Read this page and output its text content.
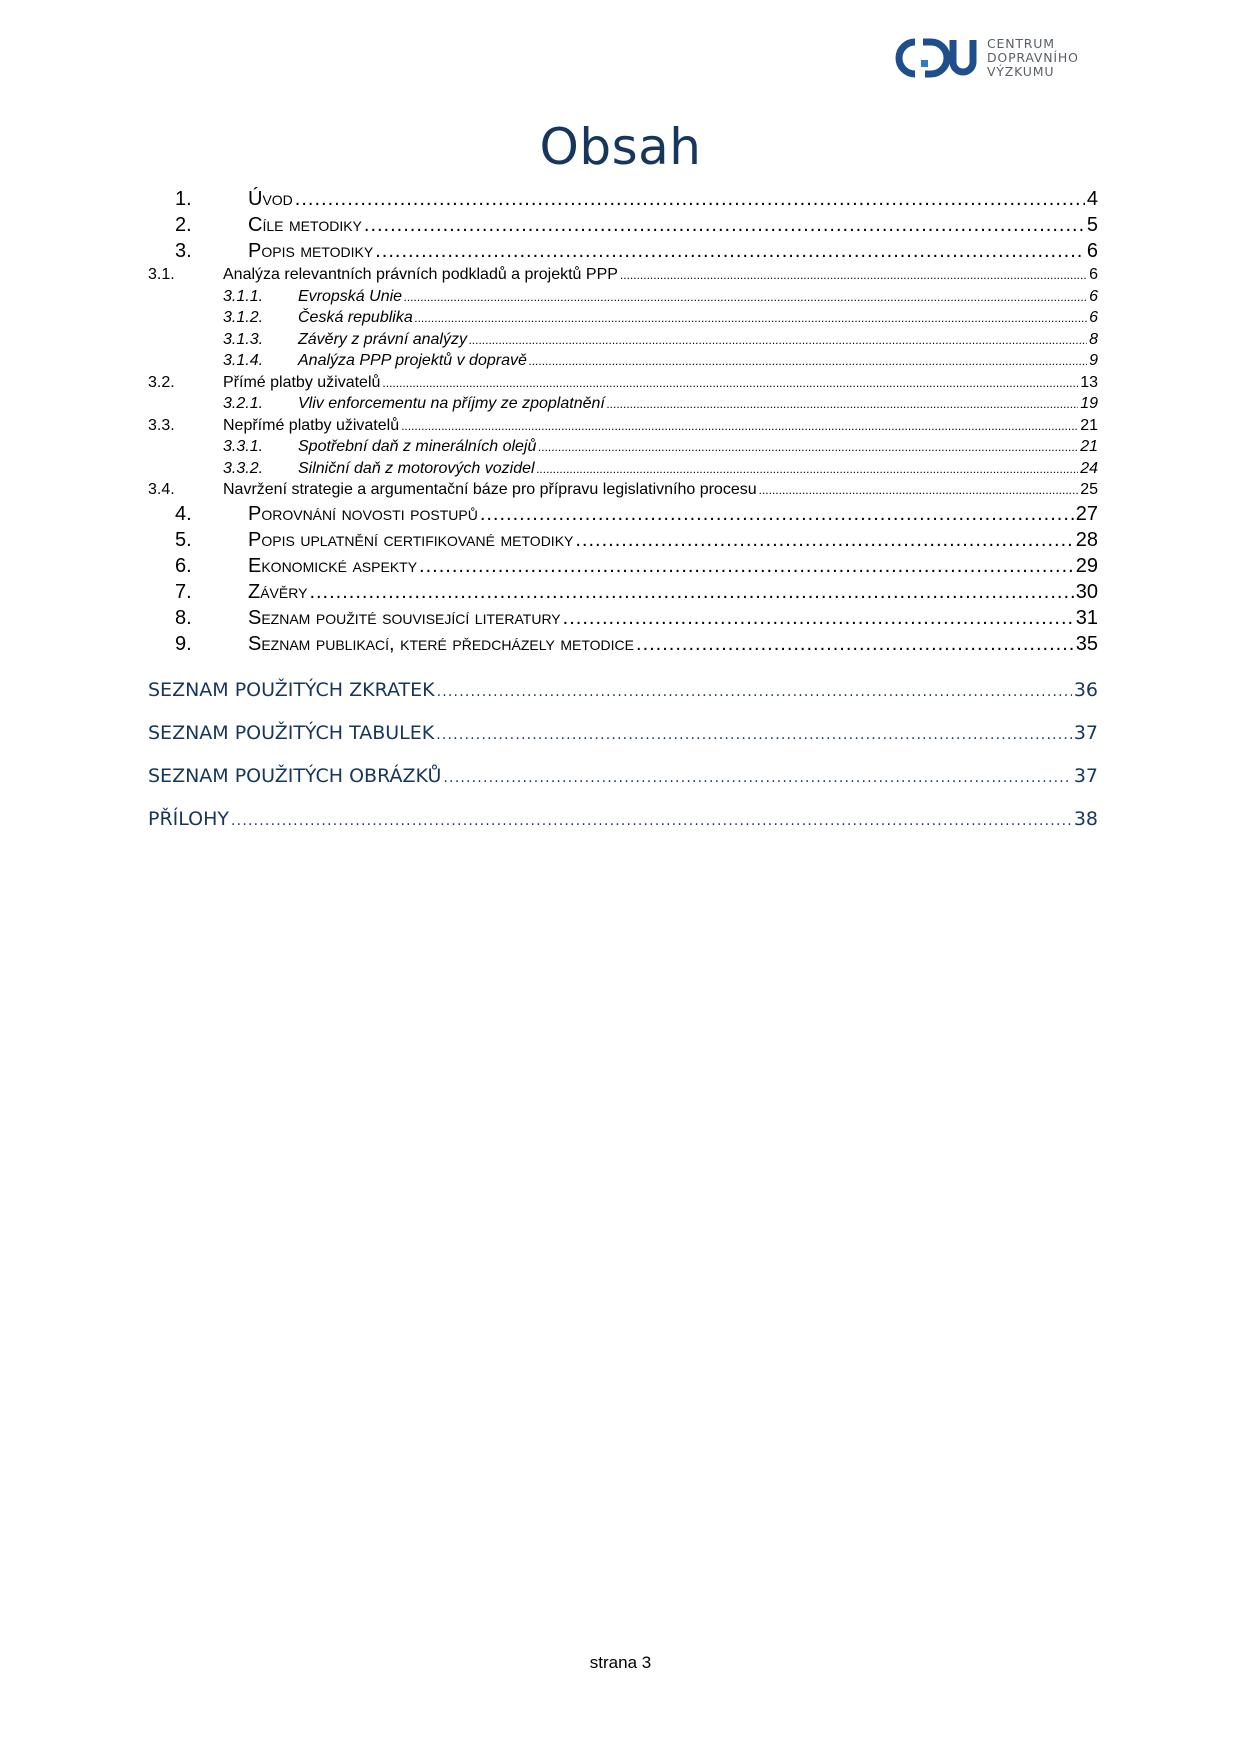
CENTRUM
DOPRAVNÍHO
VÝZKUMU
Obsah
1.	Úvod .....	4
2.	Cíle metodiky .....	5
3.	Popis metodiky .....	6
3.1.	Analýza relevantních právních podkladů a projektů PPP .....	6
3.1.1.	Evropská Unie .....	6
3.1.2.	Česká republika .....	6
3.1.3.	Závěry z právní analýzy .....	8
3.1.4.	Analýza PPP projektů v dopravě .....	9
3.2.	Přímé platby uživatelů .....	13
3.2.1.	Vliv enforcementu na příjmy ze zpoplatnění .....	19
3.3.	Nepřímé platby uživatelů .....	21
3.3.1.	Spotřební daň z minerálních olejů .....	21
3.3.2.	Silniční daň z motorových vozidel .....	24
3.4.	Navržení strategie a argumentační báze pro přípravu legislativního procesu .....	25
4.	Porovnání novosti postupů .....	27
5.	Popis uplatnění certifikované metodiky .....	28
6.	Ekonomické aspekty .....	29
7.	Závěry .....	30
8.	Seznam použité související literatury .....	31
9.	Seznam publikací, které předcházely metodice .....	35
SEZNAM POUŽITÝCH ZKRATEK .....	36
SEZNAM POUŽITÝCH TABULEK .....	37
SEZNAM POUŽITÝCH OBRÁZKŮ .....	37
PŘÍLOHY .....	38
strana 3
